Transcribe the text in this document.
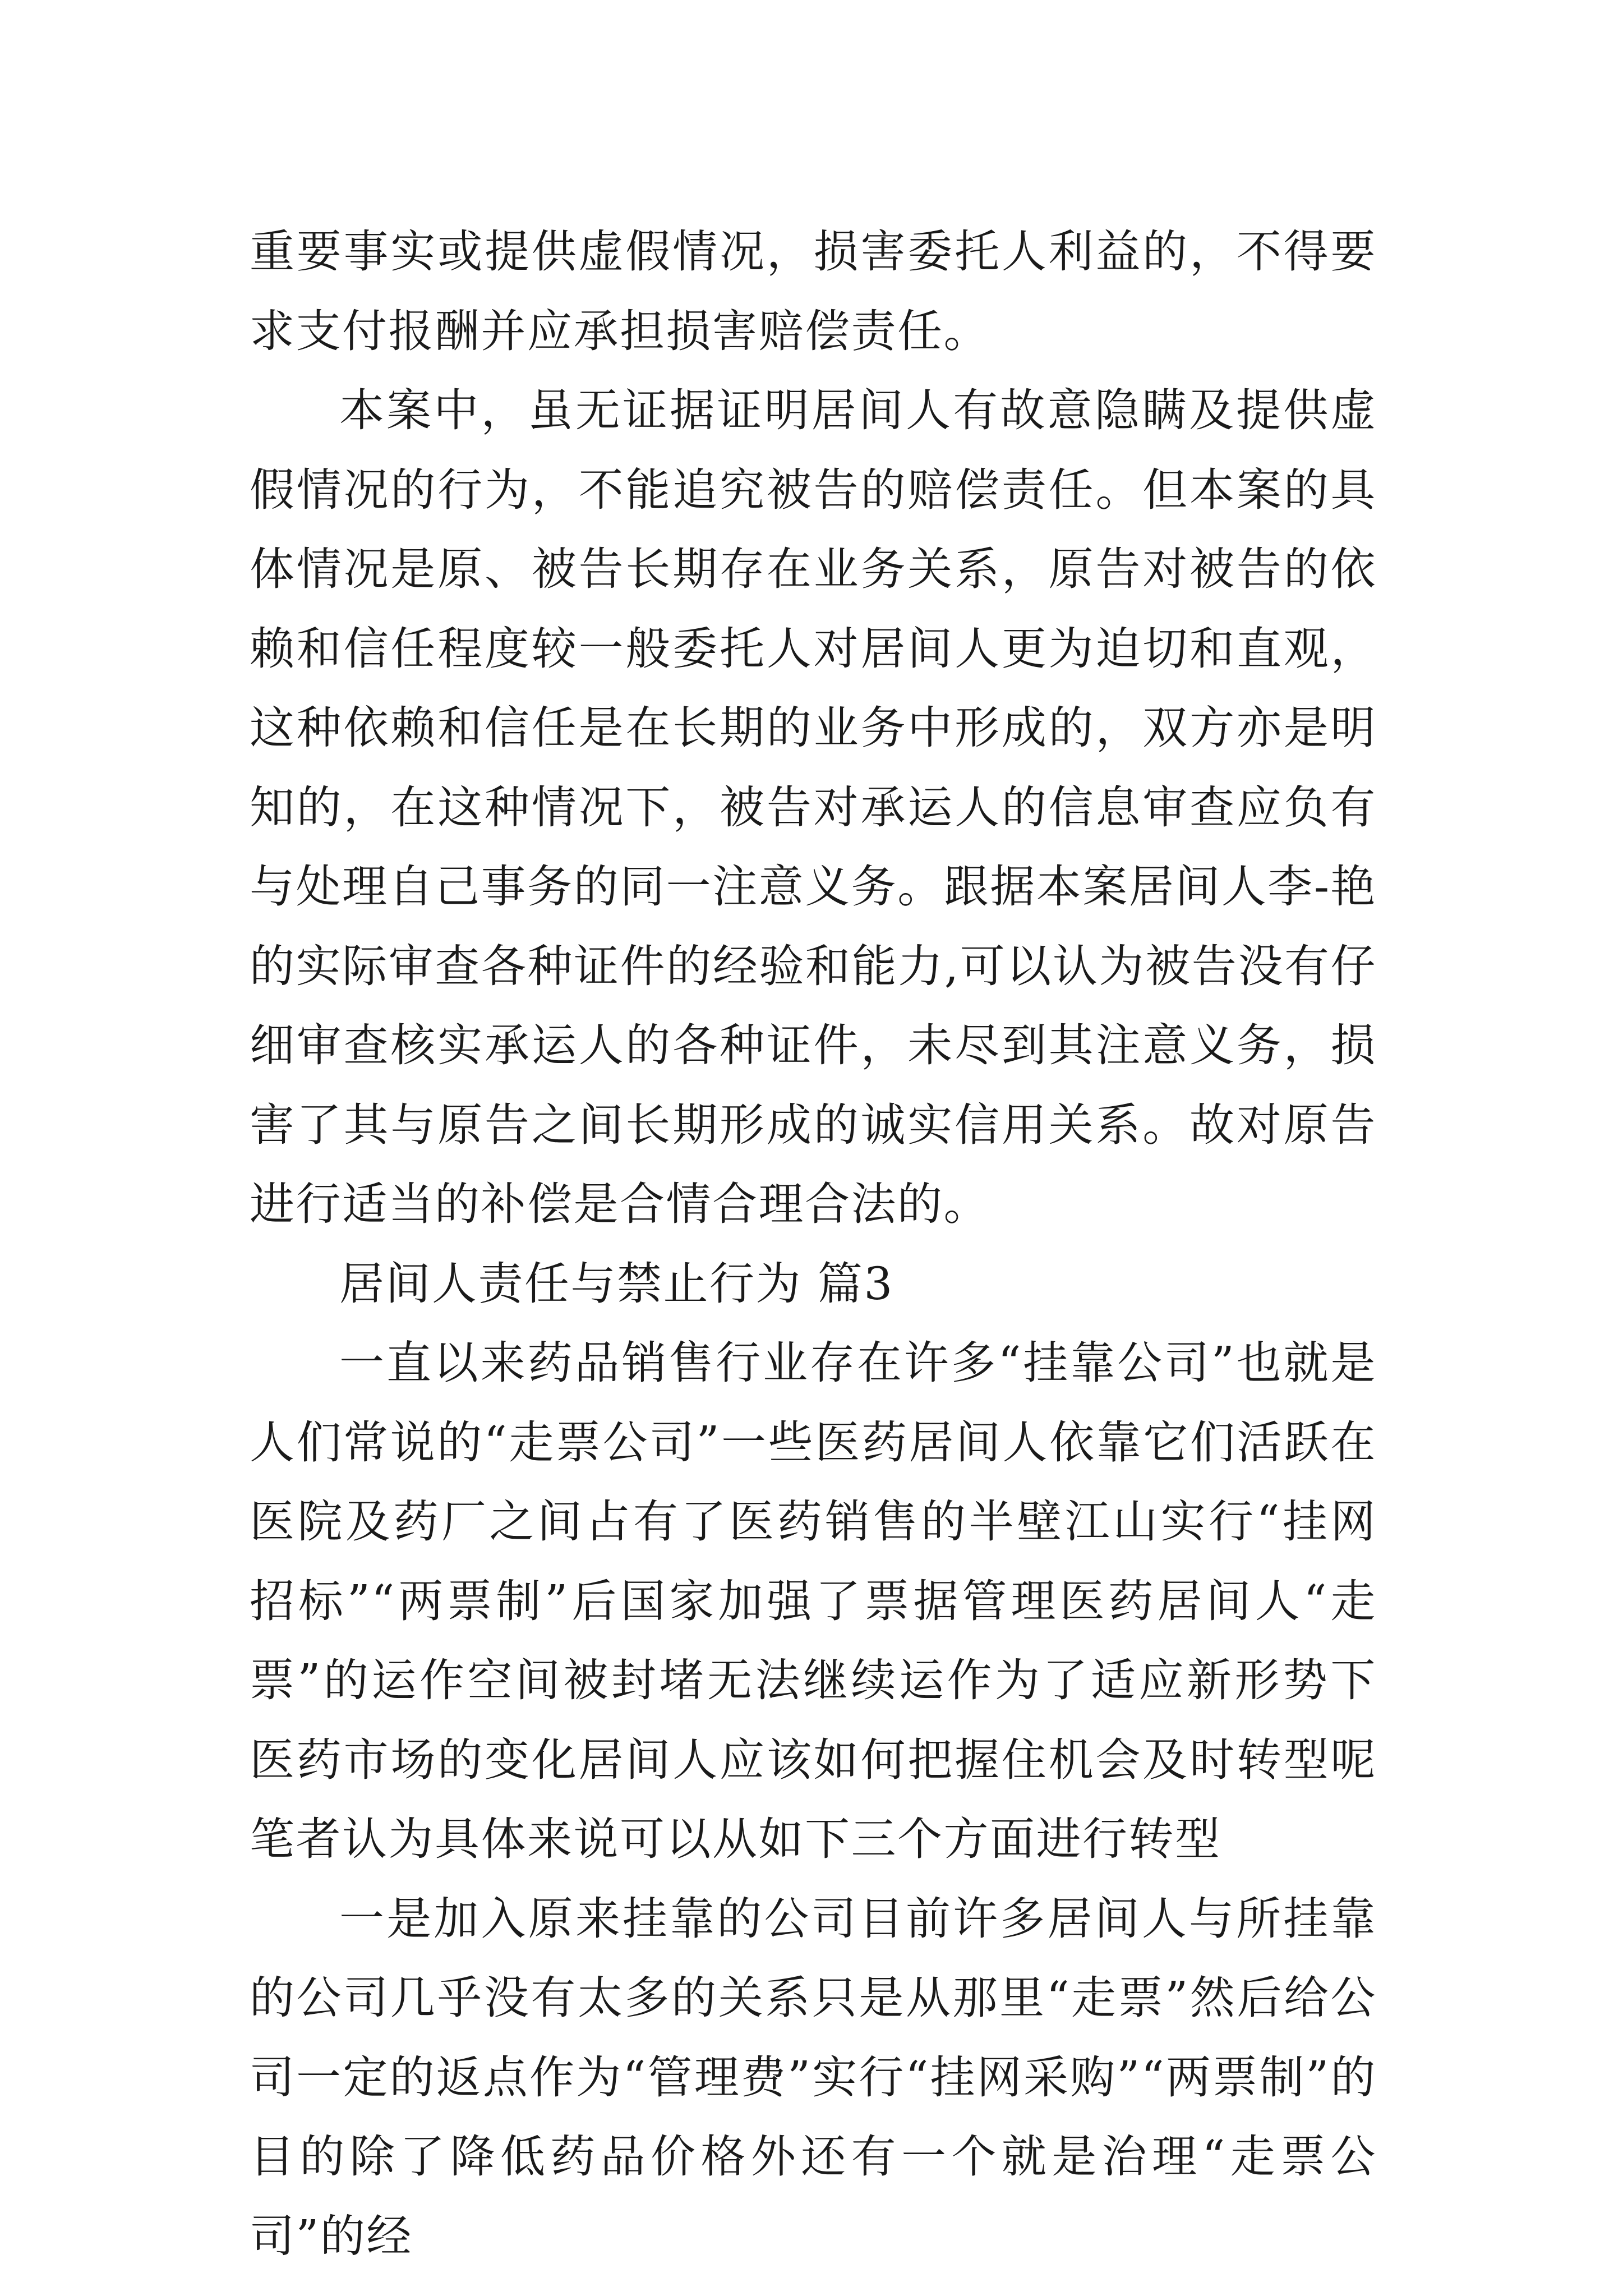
重要事实或提供虚假情况，损害委托人利益的，不得要求支付报酬并应承担损害赔偿责任。

本案中，虽无证据证明居间人有故意隐瞒及提供虚假情况的行为，不能追究被告的赔偿责任。但本案的具体情况是原、被告长期存在业务关系，原告对被告的依赖和信任程度较一般委托人对居间人更为迫切和直观，这种依赖和信任是在长期的业务中形成的，双方亦是明知的，在这种情况下，被告对承运人的信息审查应负有与处理自己事务的同一注意义务。跟据本案居间人李-艳的实际审查各种证件的经验和能力,可以认为被告没有仔细审查核实承运人的各种证件，未尽到其注意义务，损害了其与原告之间长期形成的诚实信用关系。故对原告进行适当的补偿是合情合理合法的。

居间人责任与禁止行为 篇3

一直以来药品销售行业存在许多“挂靠公司”也就是人们常说的“走票公司”一些医药居间人依靠它们活跃在医院及药厂之间占有了医药销售的半壁江山实行“挂网招标”“两票制”后国家加强了票据管理医药居间人“走票”的运作空间被封堵无法继续运作为了适应新形势下医药市场的变化居间人应该如何把握住机会及时转型呢笔者认为具体来说可以从如下三个方面进行转型

一是加入原来挂靠的公司目前许多居间人与所挂靠的公司几乎没有太多的关系只是从那里“走票”然后给公司一定的返点作为“管理费”实行“挂网采购”“两票制”的目的除了降低药品价格外还有一个就是治理“走票公司”的经
